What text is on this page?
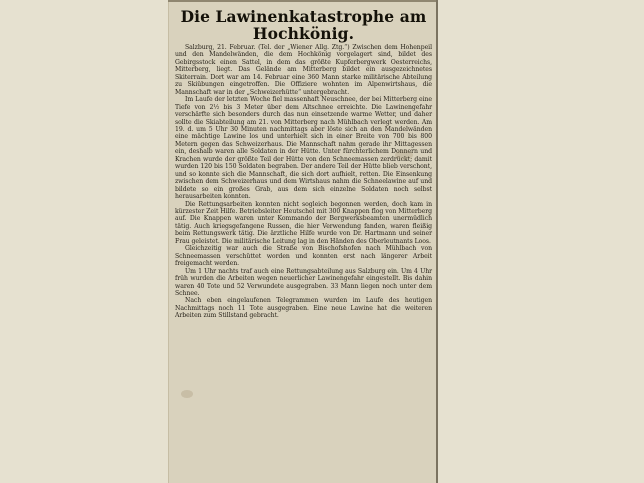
Die Lawinenkatastrophe am Hochkönig.

Salzburg, 21. Februar. (Tel. der „Wiener Allg. Ztg.“) Zwischen dem Hohenpeil und den Mandelwänden, die dem Hochkönig vorgelagert sind, bildet des Gebirgsstock einen Sattel, in dem das größte Kupferbergwerk Oesterreichs, Mitterberg, liegt. Das Gelände am Mitterberg bildet ein ausgezeichnetes Skiterrain. Dort war am 14. Februar eine 360 Mann starke militärische Abteilung zu Skiübungen eingetroffen. Die Offiziere wohnten im Alpenwirtshaus, die Mannschaft war in der „Schweizerhütte“ untergebracht.

Im Laufe der letzten Woche fiel massenhaft Neuschnee, der bei Mitterberg eine Tiefe von 2½ bis 3 Meter über dem Altschnee erreichte. Die Lawinengefahr verschärfte sich besonders durch das nun einsetzende warme Wetter, und daher sollte die Skiabteilung am 21. von Mitterberg nach Mühlbach verlegt werden. Am 19. d. um 5 Uhr 30 Minuten nachmittags aber löste sich an den Mandelwänden eine mächtige Lawine los und unterhielt sich in einer Breite von 700 bis 800 Metern gegen das Schweizerhaus. Die Mannschaft nahm gerade ihr Mittagessen ein, deshalb waren alle Soldaten in der Hütte. Unter fürchterlichem Donnern und Krachen wurde der größte Teil der Hütte von den Schneemassen zerdrückt; damit wurden 120 bis 150 Soldaten begraben. Der andere Teil der Hütte blieb verschont, und so konnte sich die Mannschaft, die sich dort aufhielt, retten. Die Einsenkung zwischen dem Schweizerhaus und dem Wirtshaus nahm die Schneelawine auf und bildete so ein großes Grab, aus dem sich einzelne Soldaten noch selbst herausarbeiten konnten.

Die Rettungsarbeiten konnten nicht sogleich begonnen werden, doch kam in kürzester Zeit Hilfe. Betriebsleiter Heutschel mit 300 Knappen flog von Mitterberg auf. Die Knappen waren unter Kommando der Bergwerksbeamten unermüdlich tätig. Auch kriegsgefangene Russen, die hier Verwendung fanden, waren fleißig beim Rettungswerk tätig. Die ärztliche Hilfe wurde von Dr. Hartmann und seiner Frau geleistet. Die militärische Leitung lag in den Händen des Oberleutnants Loos.

Gleichzeitig war auch die Straße von Bischofshofen nach Mühlbach von Schneemassen verschüttet worden und konnten erst nach längerer Arbeit freigemacht werden.

Um 1 Uhr nachts traf auch eine Rettungsabteilung aus Salzburg ein. Um 4 Uhr früh wurden die Arbeiten wegen neuerlicher Lawinengefahr eingestellt. Bis dahin waren 40 Tote und 52 Verwundete ausgegraben. 33 Mann liegen noch unter dem Schnee.

Nach eben eingelaufenen Telegrammen wurden im Laufe des heutigen Nachmittags noch 11 Tote ausgegraben. Eine neue Lawine hat die weiteren Arbeiten zum Stillstand gebracht.
